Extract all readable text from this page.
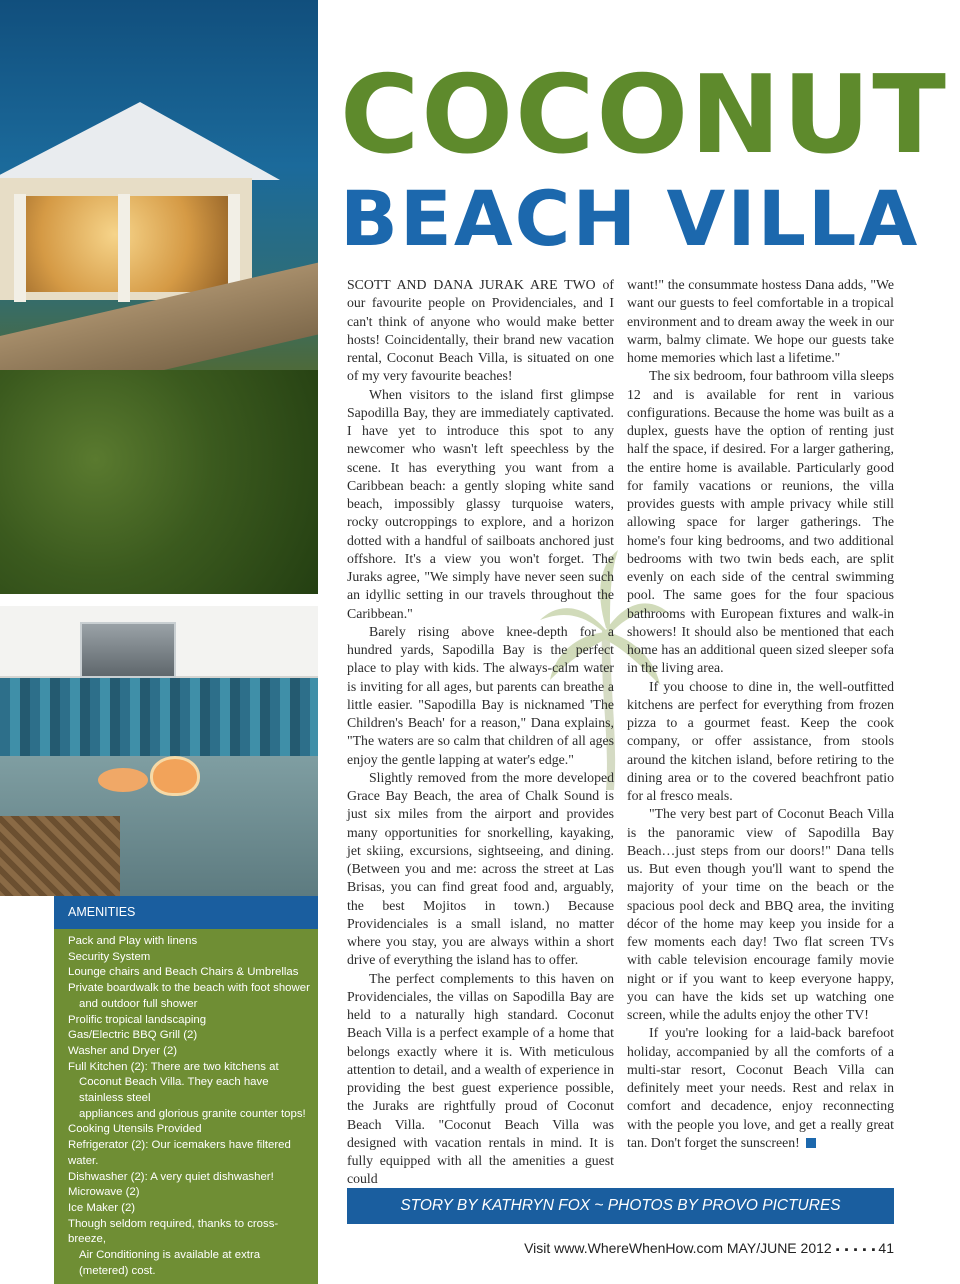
AMENITIES
Pack and Play with linens
Security System
Lounge chairs and Beach Chairs & Umbrellas
Private boardwalk to the beach with foot shower
and outdoor full shower
Prolific tropical landscaping
Gas/Electric BBQ Grill (2)
Washer and Dryer (2)
Full Kitchen (2): There are two kitchens at
Coconut Beach Villa. They each have stainless steel
appliances and glorious granite counter tops!
Cooking Utensils Provided
Refrigerator (2): Our icemakers have filtered water.
Dishwasher (2): A very quiet dishwasher!
Microwave (2)
Ice Maker (2)
Though seldom required, thanks to cross-breeze,
Air Conditioning is available at extra (metered) cost.
COCONUT
BEACH VILLA

SCOTT AND DANA JURAK ARE TWO of our favourite people on Providenciales, and I can't think of anyone who would make better hosts! Coincidentally, their brand new vacation rental, Coconut Beach Villa, is situated on one of my very favourite beaches!

When visitors to the island first glimpse Sapodilla Bay, they are immediately captivated. I have yet to introduce this spot to any newcomer who wasn't left speechless by the scene. It has everything you want from a Caribbean beach: a gently sloping white sand beach, impossibly glassy turquoise waters, rocky outcroppings to explore, and a horizon dotted with a handful of sailboats anchored just offshore. It's a view you won't forget. The Juraks agree, "We simply have never seen such an idyllic setting in our travels throughout the Caribbean."

Barely rising above knee-depth for a hundred yards, Sapodilla Bay is the perfect place to play with kids. The always-calm water is inviting for all ages, but parents can breathe a little easier. "Sapodilla Bay is nicknamed 'The Children's Beach' for a reason," Dana explains, "The waters are so calm that children of all ages enjoy the gentle lapping at water's edge."

Slightly removed from the more developed Grace Bay Beach, the area of Chalk Sound is just six miles from the airport and provides many opportunities for snorkelling, kayaking, jet skiing, excursions, sightseeing, and dining. (Between you and me: across the street at Las Brisas, you can find great food and, arguably, the best Mojitos in town.) Because Providenciales is a small island, no matter where you stay, you are always within a short drive of everything the island has to offer.

The perfect complements to this haven on Providenciales, the villas on Sapodilla Bay are held to a naturally high standard. Coconut Beach Villa is a perfect example of a home that belongs exactly where it is. With meticulous attention to detail, and a wealth of experience in providing the best guest experience possible, the Juraks are rightfully proud of Coconut Beach Villa. "Coconut Beach Villa was designed with vacation rentals in mind. It is fully equipped with all the amenities a guest could

want!" the consummate hostess Dana adds, "We want our guests to feel comfortable in a tropical environment and to dream away the week in our warm, balmy climate. We hope our guests take home memories which last a lifetime."

The six bedroom, four bathroom villa sleeps 12 and is available for rent in various configurations. Because the home was built as a duplex, guests have the option of renting just half the space, if desired. For a larger gathering, the entire home is available. Particularly good for family vacations or reunions, the villa provides guests with ample privacy while still allowing space for larger gatherings. The home's four king bedrooms, and two additional bedrooms with two twin beds each, are split evenly on each side of the central swimming pool. The same goes for the four spacious bathrooms with European fixtures and walk-in showers! It should also be mentioned that each home has an additional queen sized sleeper sofa in the living area.

If you choose to dine in, the well-outfitted kitchens are perfect for everything from frozen pizza to a gourmet feast. Keep the cook company, or offer assistance, from stools around the kitchen island, before retiring to the dining area or to the covered beachfront patio for al fresco meals.

"The very best part of Coconut Beach Villa is the panoramic view of Sapodilla Bay Beach…just steps from our doors!" Dana tells us. But even though you'll want to spend the majority of your time on the beach or the spacious pool deck and BBQ area, the inviting décor of the home may keep you inside for a few moments each day! Two flat screen TVs with cable television encourage family movie night or if you want to keep everyone happy, you can have the kids set up watching one screen, while the adults enjoy the other TV!

If you're looking for a laid-back barefoot holiday, accompanied by all the comforts of a multi-star resort, Coconut Beach Villa can definitely meet your needs. Rest and relax in comfort and decadence, enjoy reconnecting with the people you love, and get a really great tan. Don't forget the sunscreen!

STORY BY KATHRYN FOX ~ PHOTOS BY PROVO PICTURES
Visit www.WhereWhenHow.com MAY/JUNE 2012 ▪ ▪ ▪ ▪ ▪ 41
